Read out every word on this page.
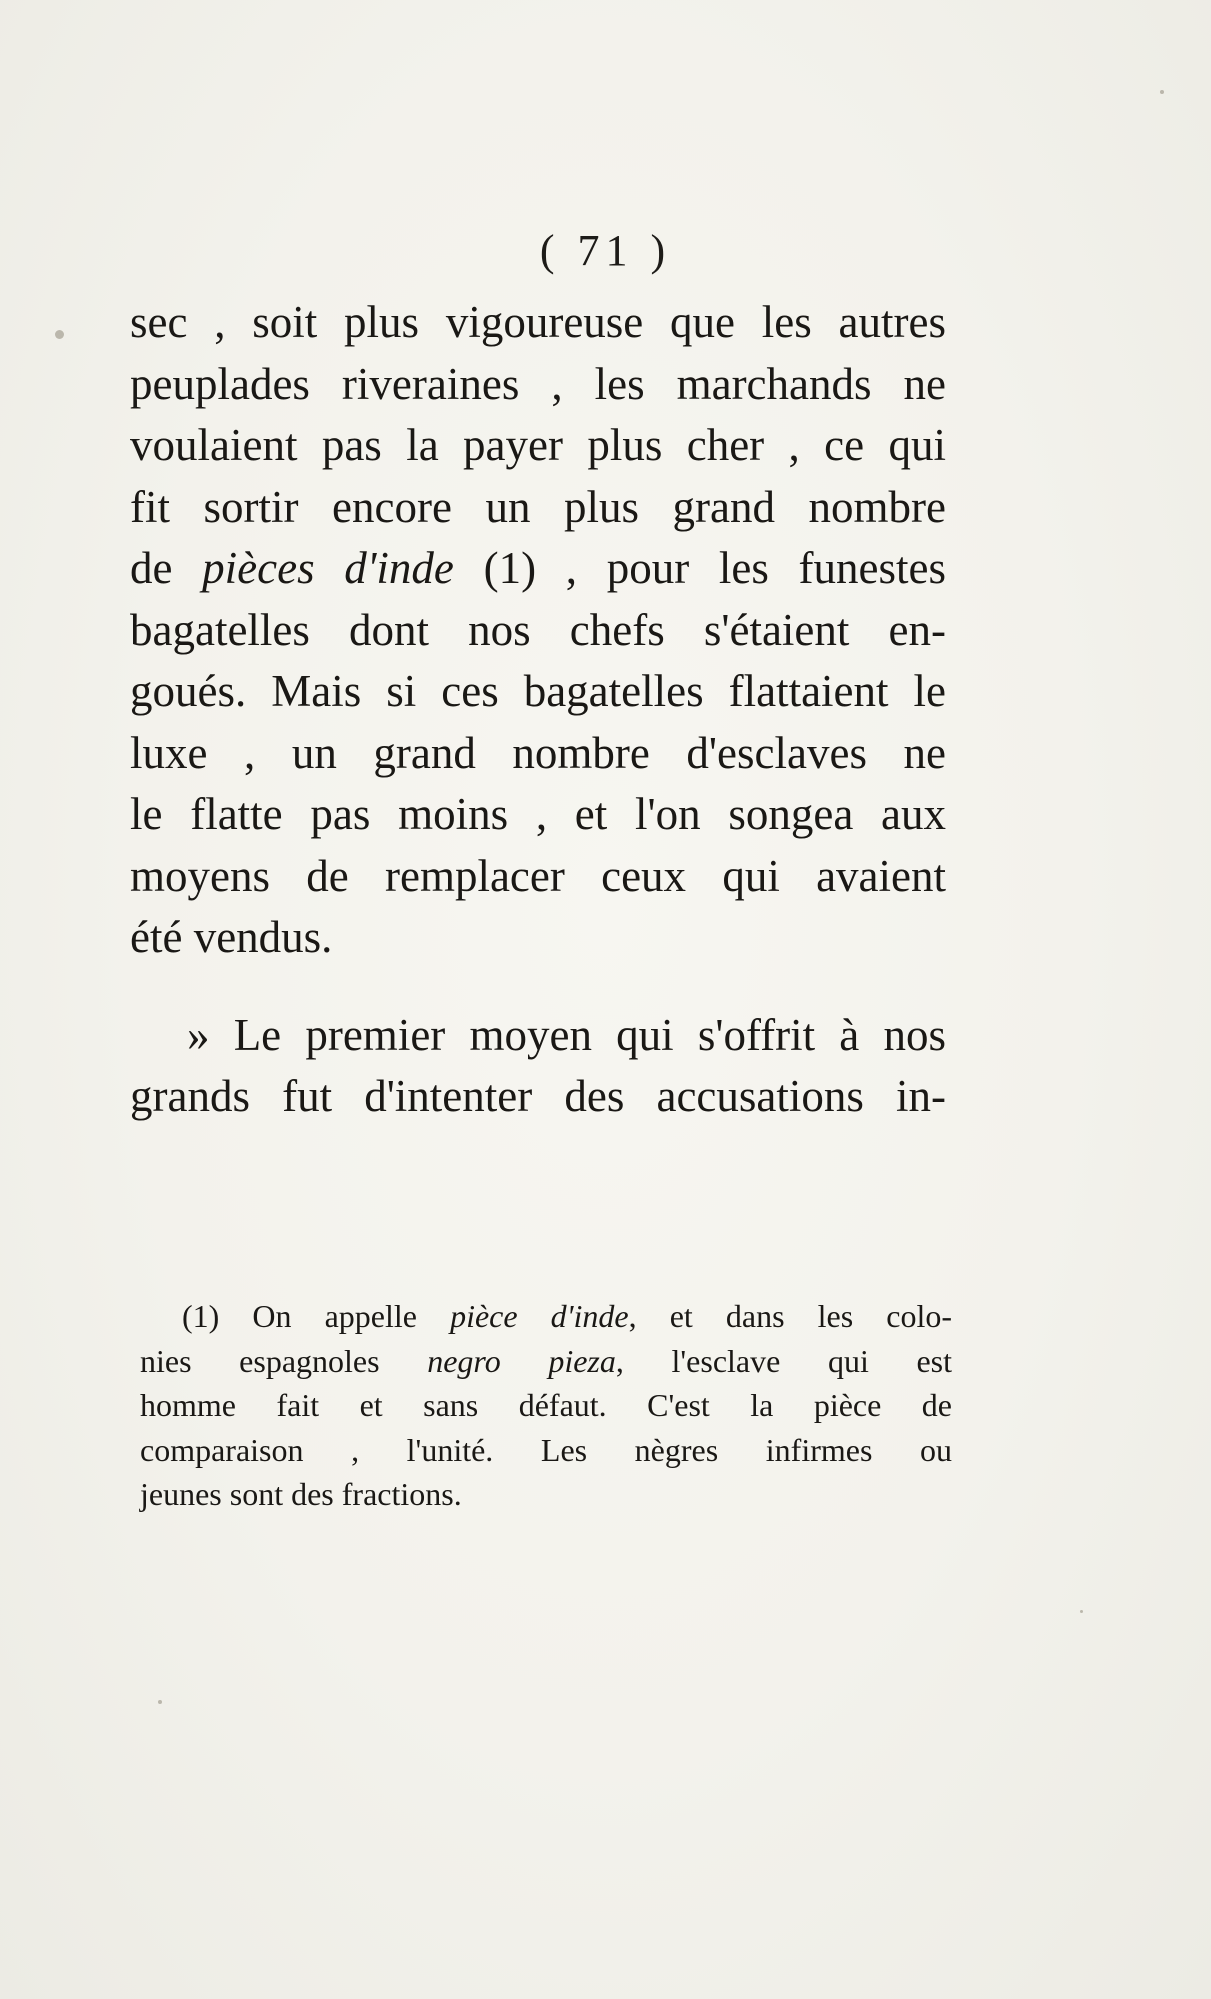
( 71 )
sec , soit plus vigoureuse que les autres
peuplades riveraines , les marchands ne
voulaient pas la payer plus cher , ce qui
fit sortir encore un plus grand nombre
de pièces d'inde (1) , pour les funestes
bagatelles dont nos chefs s'étaient en-
goués. Mais si ces bagatelles flattaient le
luxe , un grand nombre d'esclaves ne
le flatte pas moins , et l'on songea aux
moyens de remplacer ceux qui avaient
été vendus.
» Le premier moyen qui s'offrit à nos
grands fut d'intenter des accusations in-
(1) On appelle pièce d'inde, et dans les colo-
nies espagnoles negro pieza, l'esclave qui est
homme fait et sans défaut. C'est la pièce de
comparaison , l'unité. Les nègres infirmes ou
jeunes sont des fractions.
